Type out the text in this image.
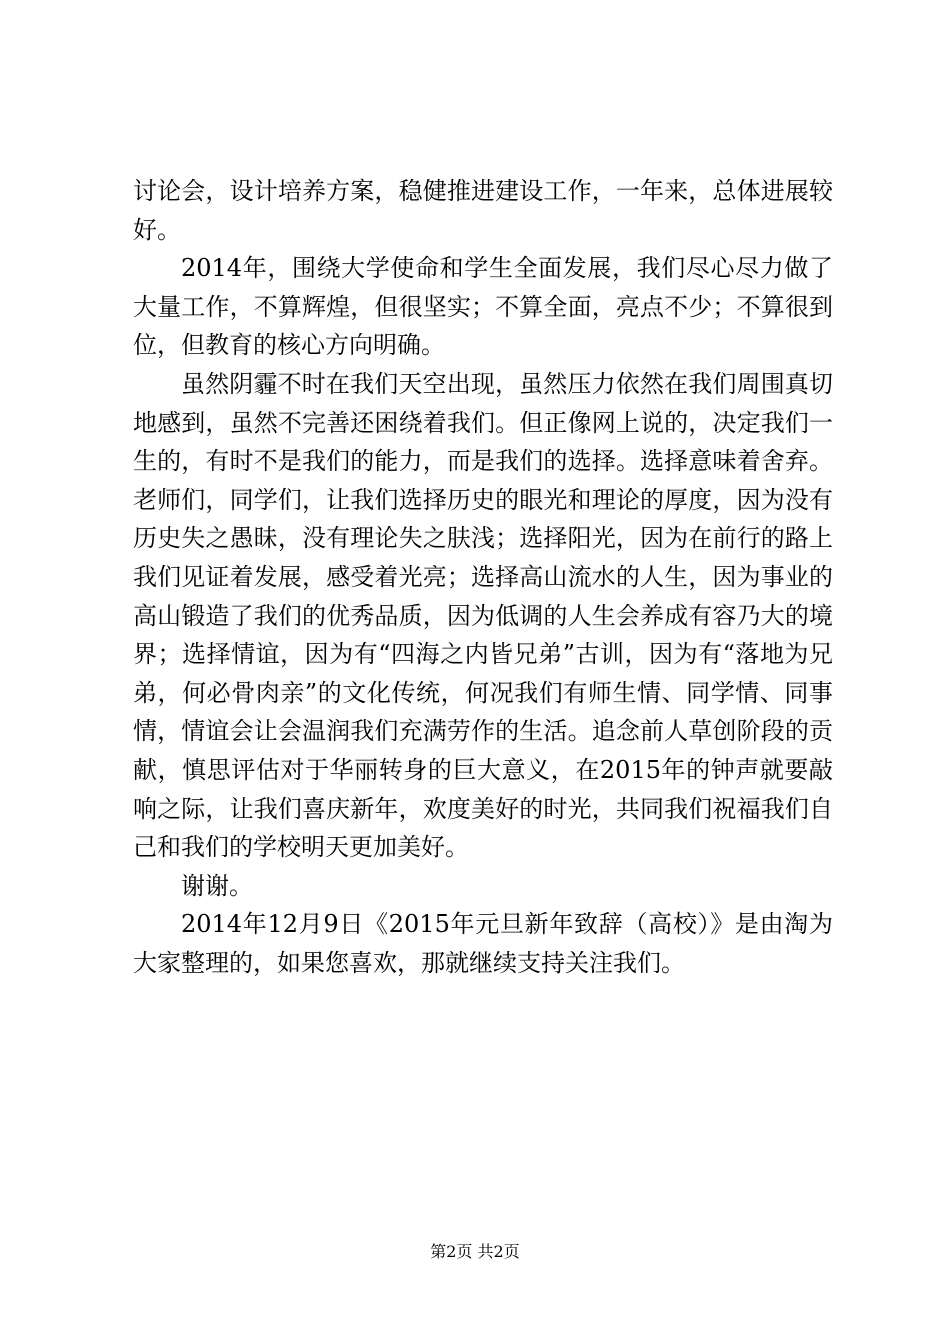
讨论会，设计培养方案，稳健推进建设工作，一年来，总体进展较好。

2014年，围绕大学使命和学生全面发展，我们尽心尽力做了大量工作，不算辉煌，但很坚实；不算全面，亮点不少；不算很到位，但教育的核心方向明确。

虽然阴霾不时在我们天空出现，虽然压力依然在我们周围真切地感到，虽然不完善还困绕着我们。但正像网上说的，决定我们一生的，有时不是我们的能力，而是我们的选择。选择意味着舍弃。老师们，同学们，让我们选择历史的眼光和理论的厚度，因为没有历史失之愚昧，没有理论失之肤浅；选择阳光，因为在前行的路上我们见证着发展，感受着光亮；选择高山流水的人生，因为事业的高山锻造了我们的优秀品质，因为低调的人生会养成有容乃大的境界；选择情谊，因为有“四海之内皆兄弟”古训，因为有“落地为兄弟，何必骨肉亲”的文化传统，何况我们有师生情、同学情、同事情，情谊会让会温润我们充满劳作的生活。追念前人草创阶段的贡献，慎思评估对于华丽转身的巨大意义，在2015年的钟声就要敲响之际，让我们喜庆新年，欢度美好的时光，共同我们祝福我们自己和我们的学校明天更加美好。

谢谢。

2014年12月9日《2015年元旦新年致辞（高校）》是由淘为大家整理的，如果您喜欢，那就继续支持关注我们。

第2页 共2页
